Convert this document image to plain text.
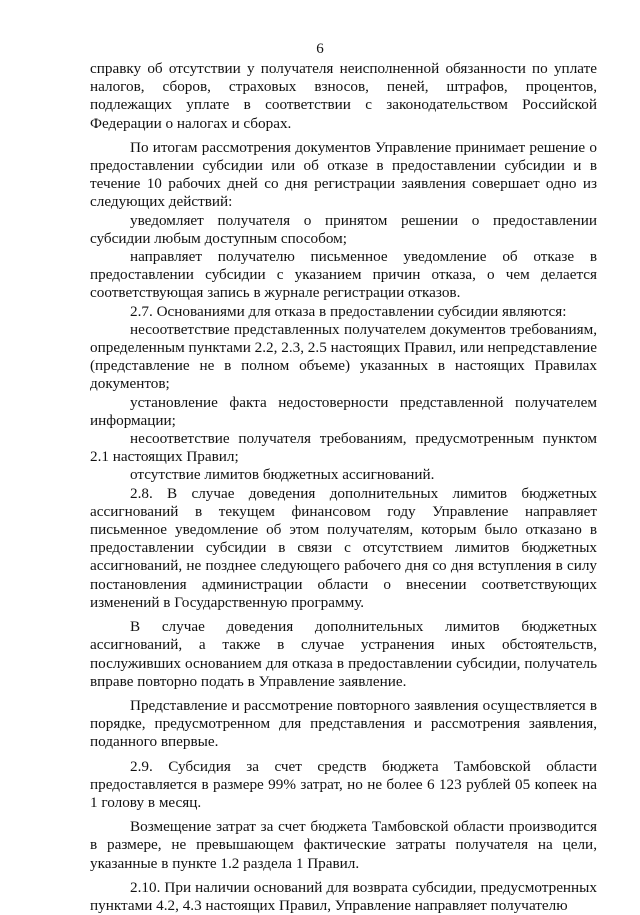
6

справку об отсутствии у получателя неисполненной обязанности по уплате налогов, сборов, страховых взносов, пеней, штрафов, процентов, подлежащих уплате в соответствии с законодательством Российской Федерации о налогах и сборах.

По итогам рассмотрения документов Управление принимает решение о предоставлении субсидии или об отказе в предоставлении субсидии и в течение 10 рабочих дней со дня регистрации заявления совершает одно из следующих действий:

уведомляет получателя о принятом решении о предоставлении субсидии любым доступным способом;

направляет получателю письменное уведомление об отказе в предоставлении субсидии с указанием причин отказа, о чем делается соответствующая запись в журнале регистрации отказов.

2.7. Основаниями для отказа в предоставлении субсидии являются:

несоответствие представленных получателем документов требованиям, определенным пунктами 2.2, 2.3, 2.5 настоящих Правил, или непредставление (представление не в полном объеме) указанных в настоящих Правилах документов;

установление факта недостоверности представленной получателем информации;

несоответствие получателя требованиям, предусмотренным пунктом 2.1 настоящих Правил;

отсутствие лимитов бюджетных ассигнований.

2.8. В случае доведения дополнительных лимитов бюджетных ассигнований в текущем финансовом году Управление направляет письменное уведомление об этом получателям, которым было отказано в предоставлении субсидии в связи с отсутствием лимитов бюджетных ассигнований, не позднее следующего рабочего дня со дня вступления в силу постановления администрации области о внесении соответствующих изменений в Государственную программу.

В случае доведения дополнительных лимитов бюджетных ассигнований, а также в случае устранения иных обстоятельств, послуживших основанием для отказа в предоставлении субсидии, получатель вправе повторно подать в Управление заявление.

Представление и рассмотрение повторного заявления осуществляется в порядке, предусмотренном для представления и рассмотрения заявления, поданного впервые.

2.9. Субсидия за счет средств бюджета Тамбовской области предоставляется в размере 99% затрат, но не более 6 123 рублей 05 копеек на 1 голову в месяц.

Возмещение затрат за счет бюджета Тамбовской области производится в размере, не превышающем фактические затраты получателя на цели, указанные в пункте 1.2 раздела 1 Правил.

2.10. При наличии оснований для возврата субсидии, предусмотренных пунктами 4.2, 4.3 настоящих Правил, Управление направляет получателю
